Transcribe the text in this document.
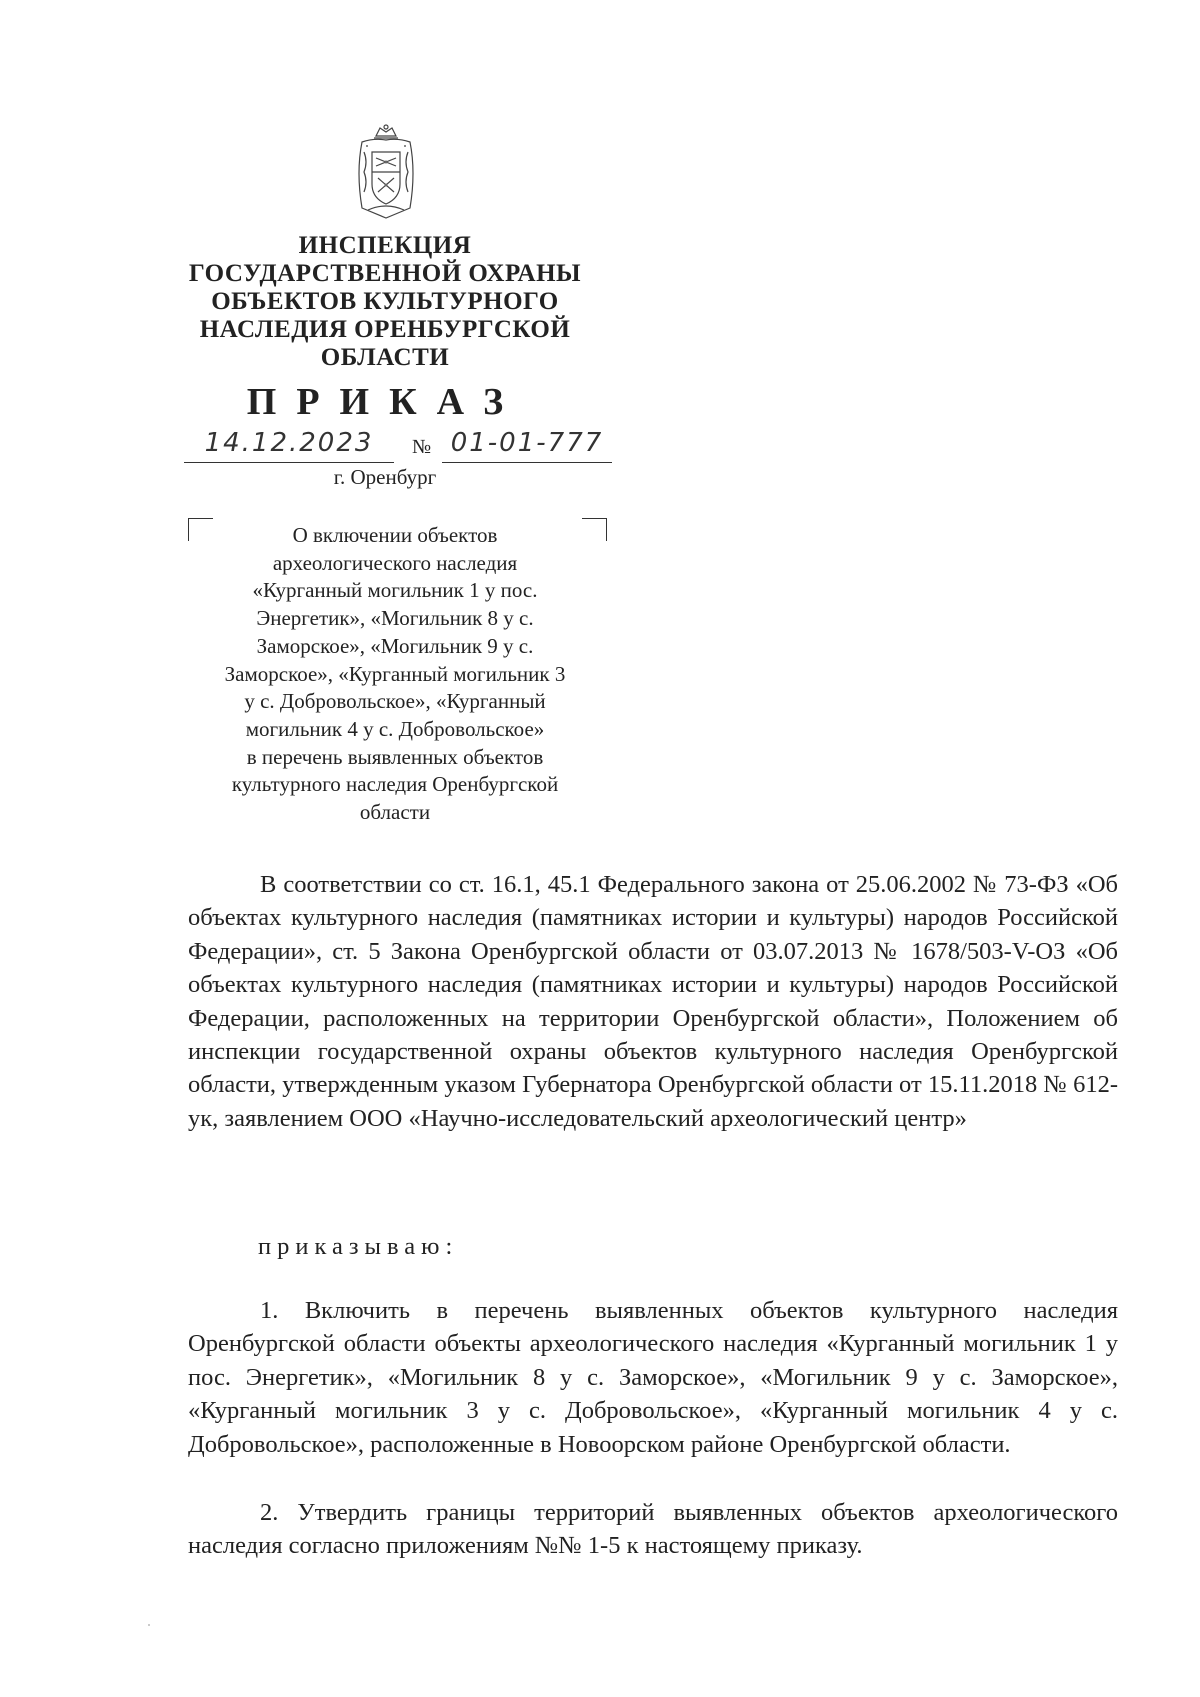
ИНСПЕКЦИЯ
ГОСУДАРСТВЕННОЙ ОХРАНЫ
ОБЪЕКТОВ КУЛЬТУРНОГО
НАСЛЕДИЯ ОРЕНБУРГСКОЙ
ОБЛАСТИ
ПРИКАЗ
14.12.2023	№ 01-01-777
г. Оренбург
О включении объектов
археологического наследия
«Курганный могильник 1 у пос.
Энергетик», «Могильник 8 у с.
Заморское», «Могильник 9 у с.
Заморское», «Курганный могильник 3
у с. Добровольское», «Курганный
могильник 4 у с. Добровольское»
в перечень выявленных объектов
культурного наследия Оренбургской
области
В соответствии со ст. 16.1, 45.1 Федерального закона от 25.06.2002 № 73-ФЗ «Об объектах культурного наследия (памятниках истории и культуры) народов Российской Федерации», ст. 5 Закона Оренбургской области от 03.07.2013 № 1678/503-V-ОЗ «Об объектах культурного наследия (памятниках истории и культуры) народов Российской Федерации, расположенных на территории Оренбургской области», Положением об инспекции государственной охраны объектов культурного наследия Оренбургской области, утвержденным указом Губернатора Оренбургской области от 15.11.2018 № 612-ук, заявлением ООО «Научно-исследовательский археологический центр»
приказываю:
1. Включить в перечень выявленных объектов культурного наследия Оренбургской области объекты археологического наследия «Курганный могильник 1 у пос. Энергетик», «Могильник 8 у с. Заморское», «Могильник 9 у с. Заморское», «Курганный могильник 3 у с. Добровольское», «Курганный могильник 4 у с. Добровольское», расположенные в Новоорском районе Оренбургской области.
2. Утвердить границы территорий выявленных объектов археологического наследия согласно приложениям №№ 1-5 к настоящему приказу.
